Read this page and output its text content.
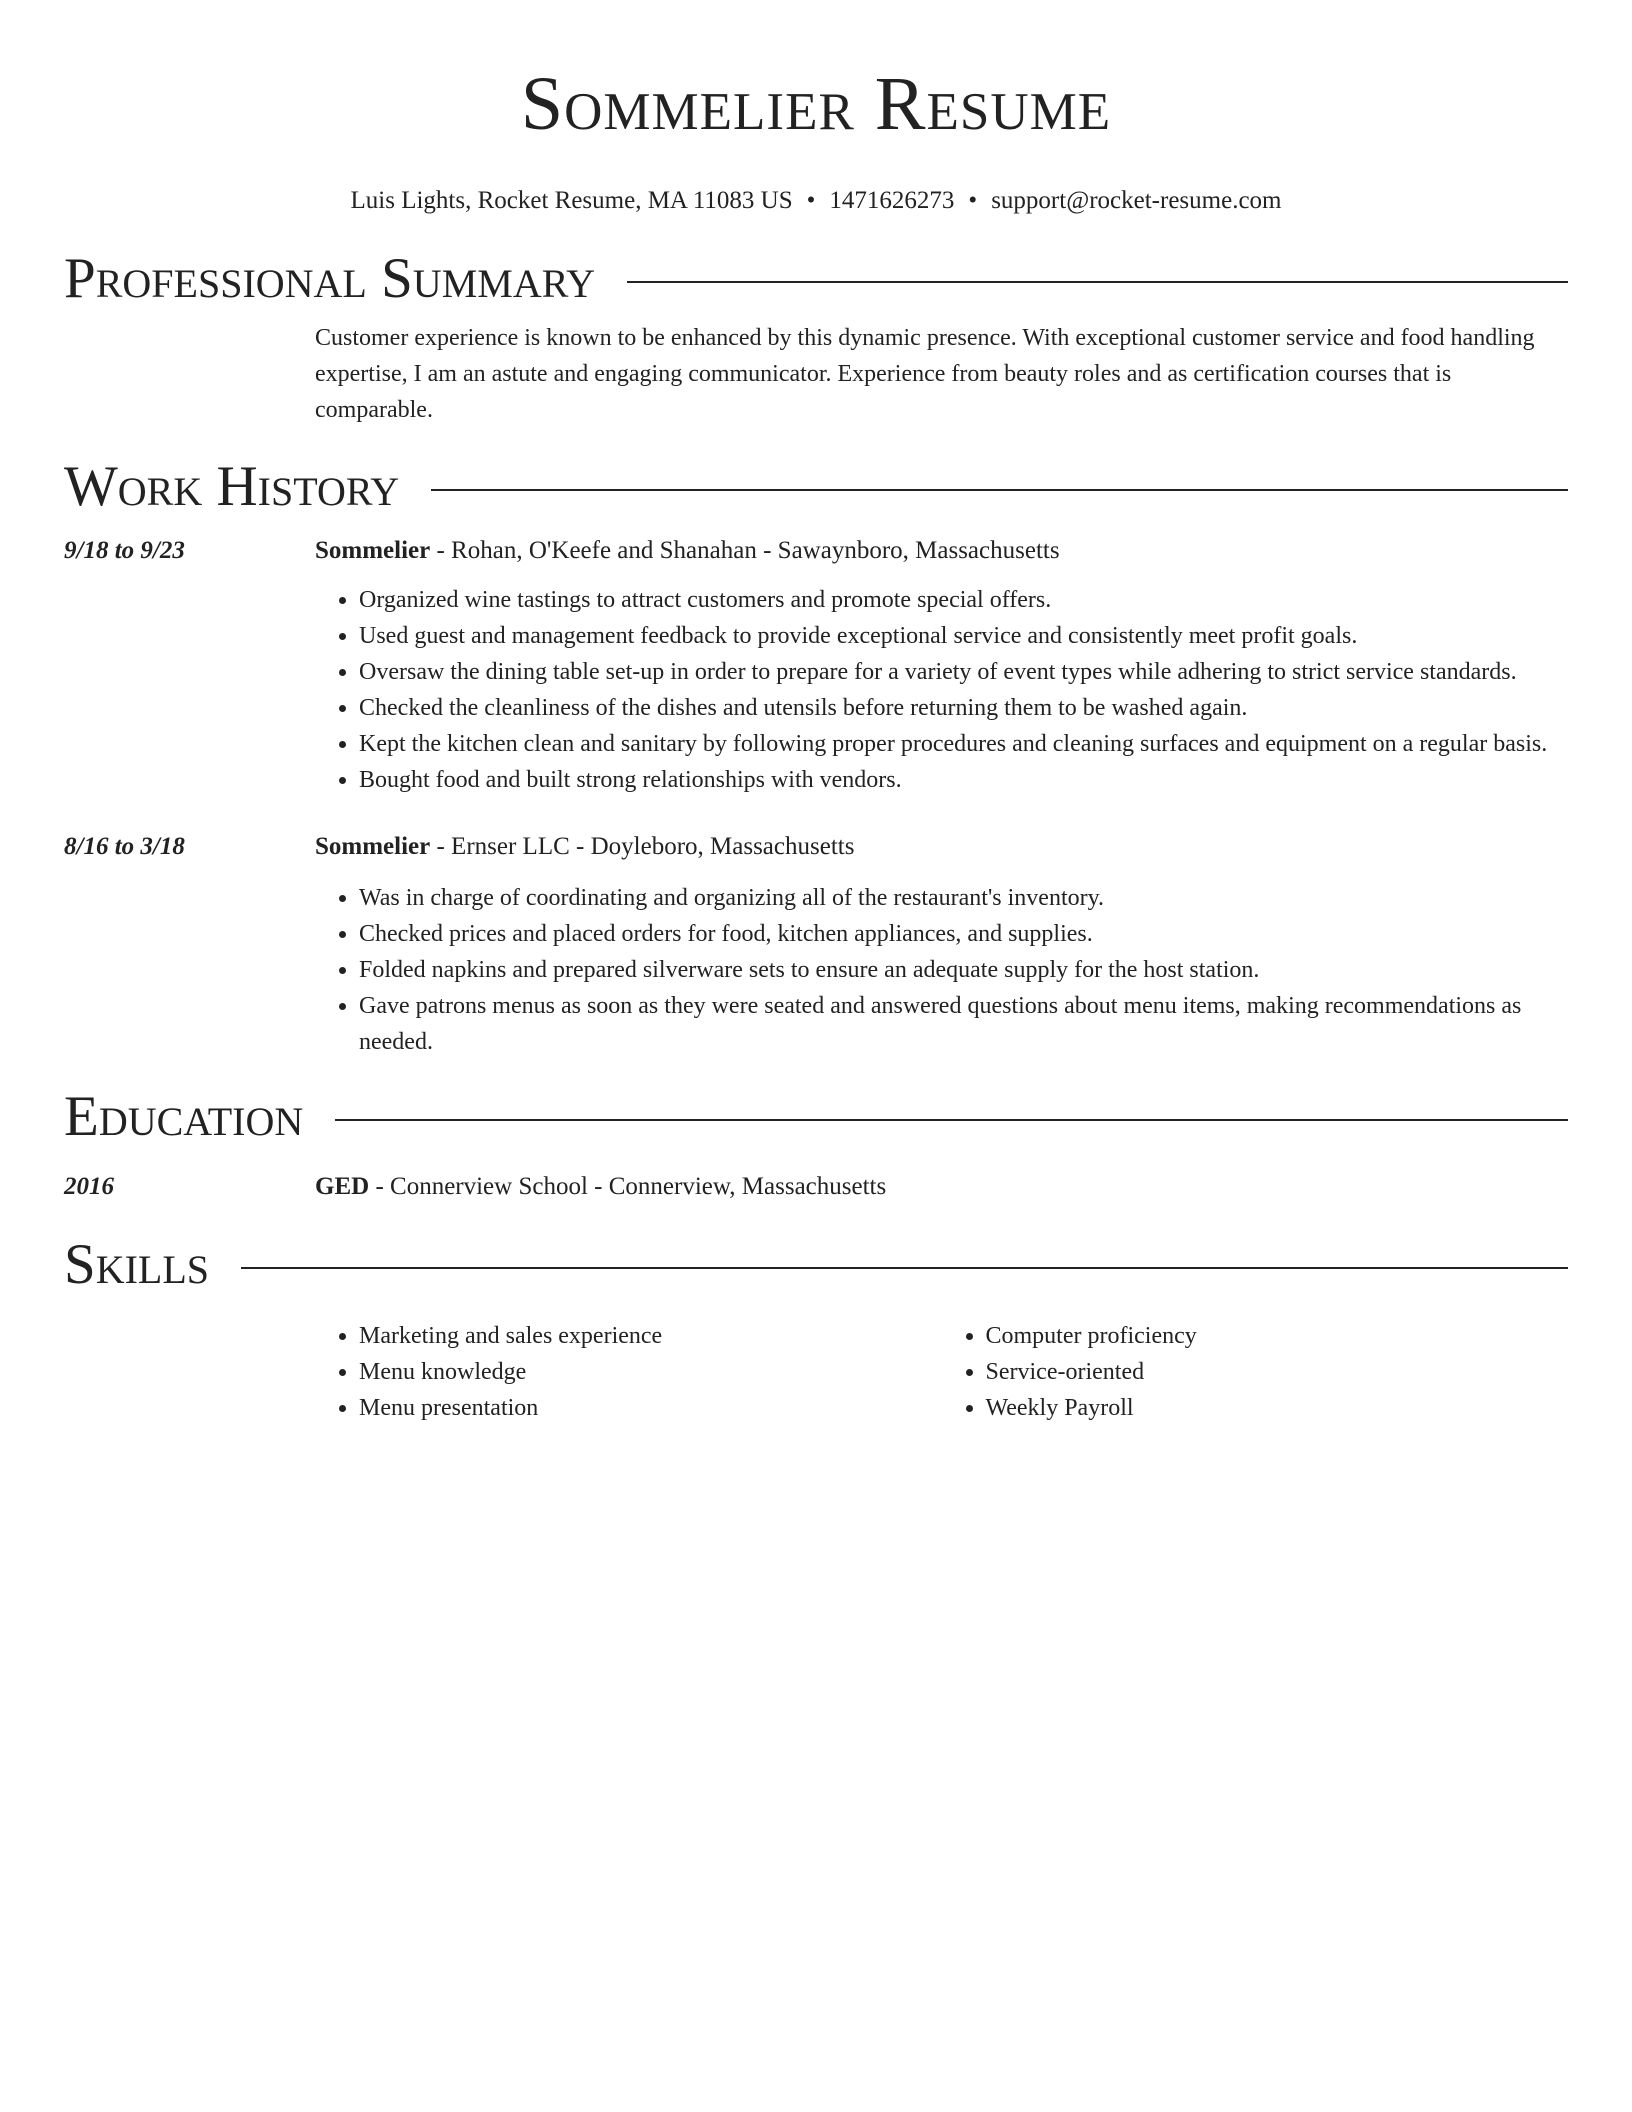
Sommelier Resume
Luis Lights, Rocket Resume, MA 11083 US • 1471626273 • support@rocket-resume.com
Professional Summary
Customer experience is known to be enhanced by this dynamic presence. With exceptional customer service and food handling expertise, I am an astute and engaging communicator. Experience from beauty roles and as certification courses that is comparable.
Work History
9/18 to 9/23	Sommelier - Rohan, O'Keefe and Shanahan - Sawaynboro, Massachusetts
• Organized wine tastings to attract customers and promote special offers.
• Used guest and management feedback to provide exceptional service and consistently meet profit goals.
• Oversaw the dining table set-up in order to prepare for a variety of event types while adhering to strict service standards.
• Checked the cleanliness of the dishes and utensils before returning them to be washed again.
• Kept the kitchen clean and sanitary by following proper procedures and cleaning surfaces and equipment on a regular basis.
• Bought food and built strong relationships with vendors.
8/16 to 3/18	Sommelier - Ernser LLC - Doyleboro, Massachusetts
• Was in charge of coordinating and organizing all of the restaurant's inventory.
• Checked prices and placed orders for food, kitchen appliances, and supplies.
• Folded napkins and prepared silverware sets to ensure an adequate supply for the host station.
• Gave patrons menus as soon as they were seated and answered questions about menu items, making recommendations as needed.
Education
2016	GED - Connerview School - Connerview, Massachusetts
Skills
• Marketing and sales experience
• Menu knowledge
• Menu presentation
• Computer proficiency
• Service-oriented
• Weekly Payroll
